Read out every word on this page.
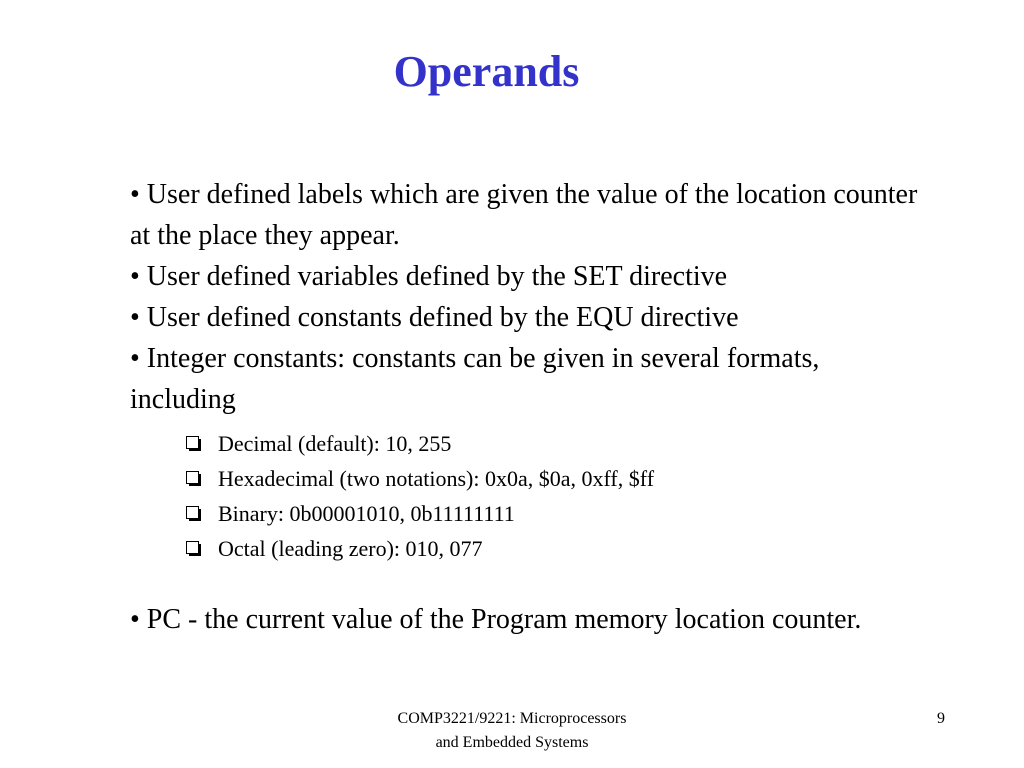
Operands

• User defined labels which are given the value of the location counter at the place they appear.

• User defined variables defined by the SET directive

• User defined constants defined by the EQU directive

• Integer constants: constants can be given in several formats, including

Decimal (default): 10, 255
Hexadecimal (two notations): 0x0a, $0a, 0xff, $ff
Binary: 0b00001010, 0b11111111
Octal (leading zero): 010, 077

• PC - the current value of the Program memory location counter.

COMP3221/9221: Microprocessors
and Embedded Systems
9
